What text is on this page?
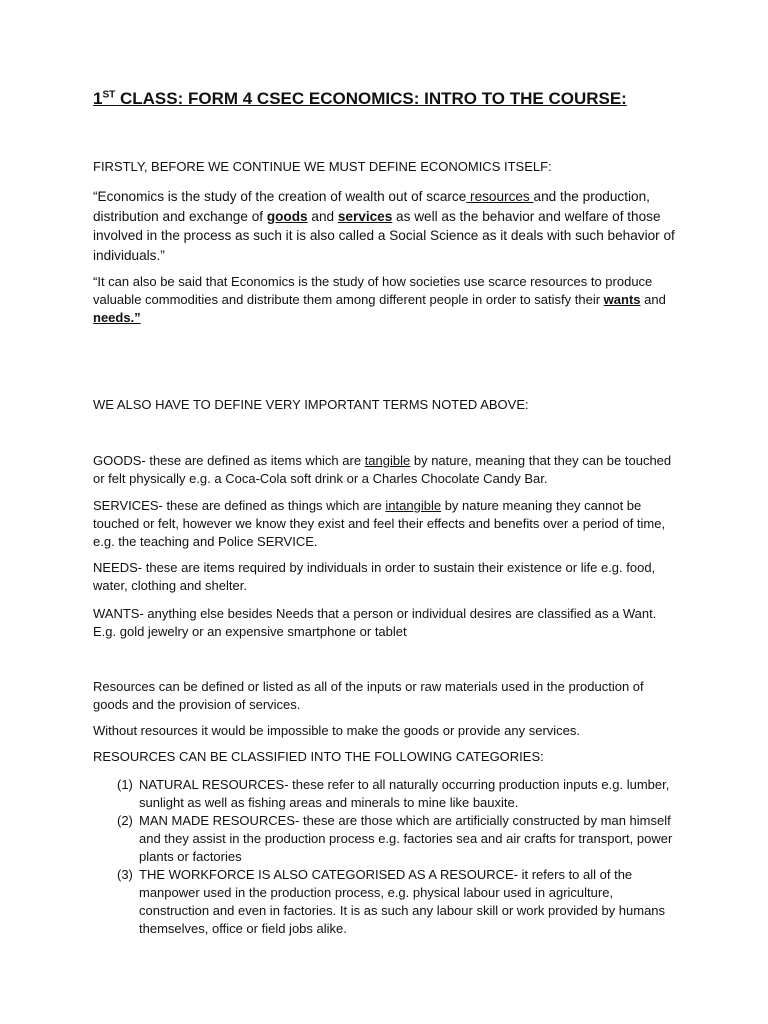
1ST CLASS: FORM 4 CSEC ECONOMICS: INTRO TO THE COURSE:
FIRSTLY, BEFORE WE CONTINUE WE MUST DEFINE ECONOMICS ITSELF:
“Economics is the study of the creation of wealth out of scarce resources and the production, distribution and exchange of goods and services as well as the behavior and welfare of those involved in the process as such it is also called a Social Science as it deals with such behavior of individuals.”
“It can also be said that Economics is the study of how societies use scarce resources to produce valuable commodities and distribute them among different people in order to satisfy their wants and needs.”
WE ALSO HAVE TO DEFINE VERY IMPORTANT TERMS NOTED ABOVE:
GOODS- these are defined as items which are tangible by nature, meaning that they can be touched or felt physically e.g. a Coca-Cola soft drink or a Charles Chocolate Candy Bar.
SERVICES- these are defined as things which are intangible by nature meaning they cannot be touched or felt, however we know they exist and feel their effects and benefits over a period of time, e.g. the teaching and Police SERVICE.
NEEDS- these are items required by individuals in order to sustain their existence or life e.g. food, water, clothing and shelter.
WANTS- anything else besides Needs that a person or individual desires are classified as a Want. E.g. gold jewelry or an expensive smartphone or tablet
Resources can be defined or listed as all of the inputs or raw materials used in the production of goods and the provision of services.
Without resources it would be impossible to make the goods or provide any services.
RESOURCES CAN BE CLASSIFIED INTO THE FOLLOWING CATEGORIES:
(1) NATURAL RESOURCES- these refer to all naturally occurring production inputs e.g. lumber, sunlight as well as fishing areas and minerals to mine like bauxite.
(2) MAN MADE RESOURCES- these are those which are artificially constructed by man himself and they assist in the production process e.g. factories sea and air crafts for transport, power plants or factories
(3) THE WORKFORCE IS ALSO CATEGORISED AS A RESOURCE- it refers to all of the manpower used in the production process, e.g. physical labour used in agriculture, construction and even in factories. It is as such any labour skill or work provided by humans themselves, office or field jobs alike.
